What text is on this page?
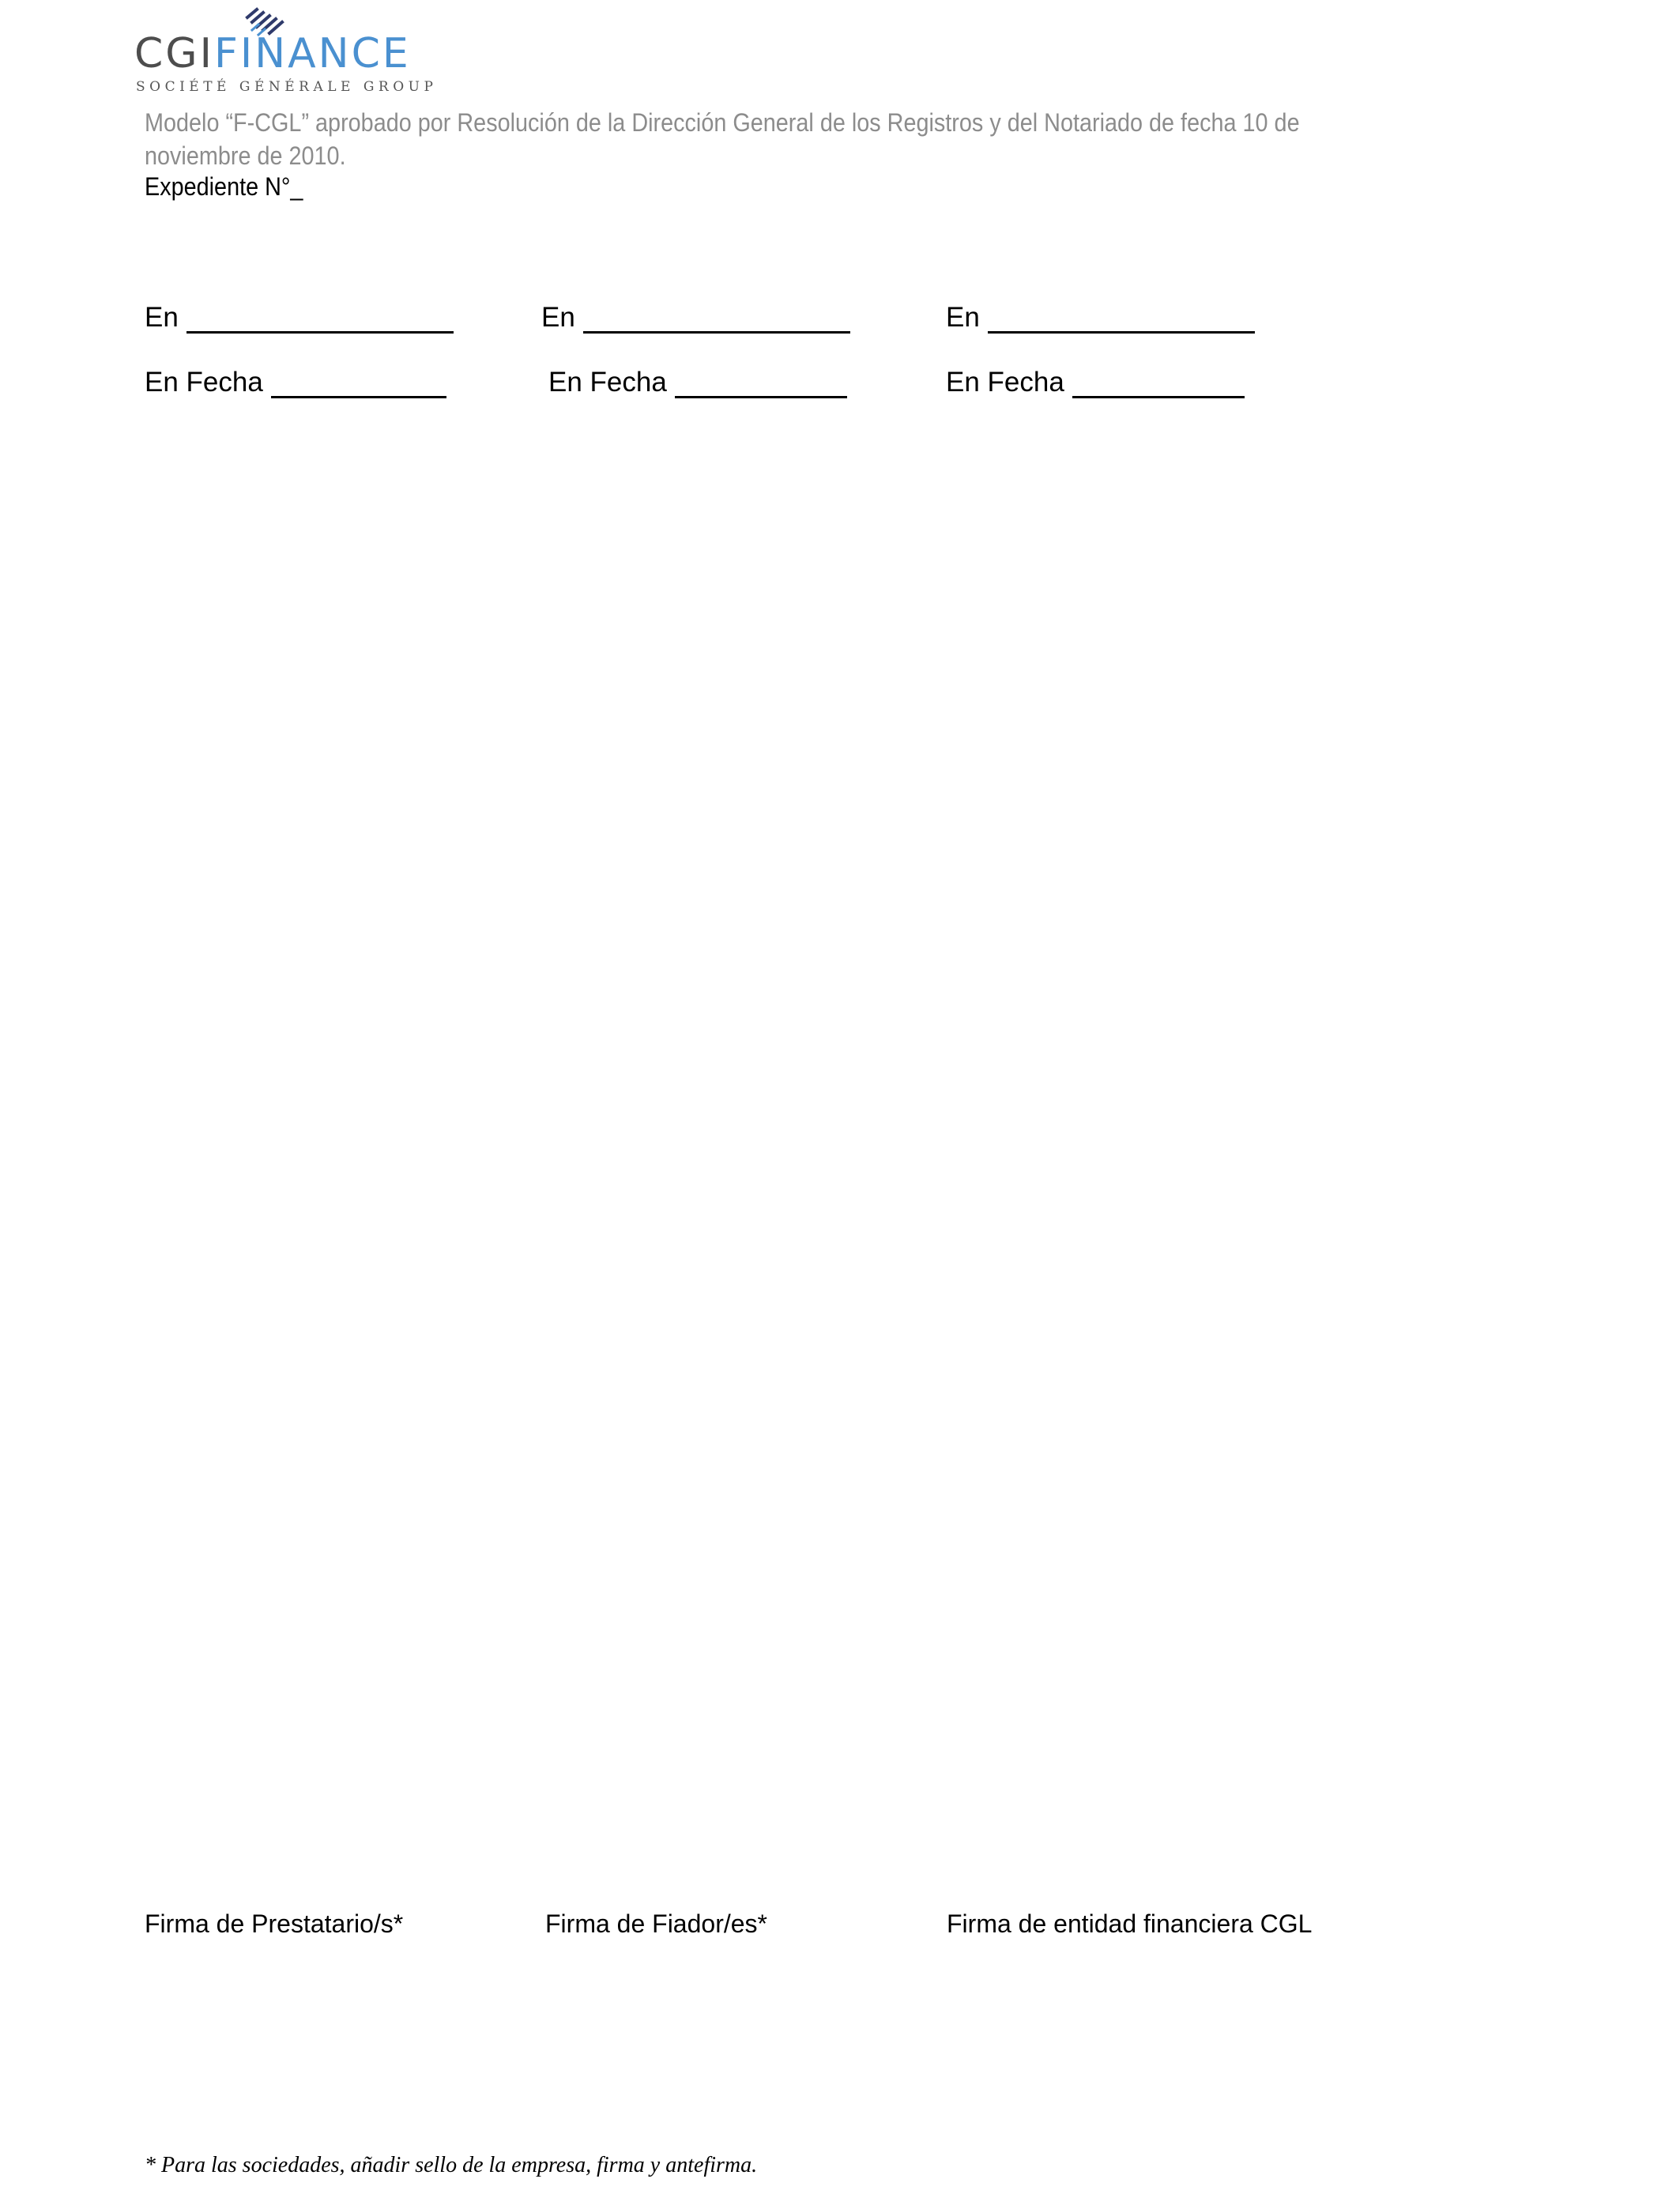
CGIFINANCE
SOCIÉTÉ GÉNÉRALE GROUP
Modelo “F-CGL” aprobado por Resolución de la Dirección General de los Registros y del Notariado de fecha 10 de noviembre de 2010.
Expediente N°_
En	En	En
En Fecha	En Fecha	En Fecha
Firma de Prestatario/s*	Firma de Fiador/es*	Firma de entidad financiera CGL
* Para las sociedades, añadir sello de la empresa, firma y antefirma.
